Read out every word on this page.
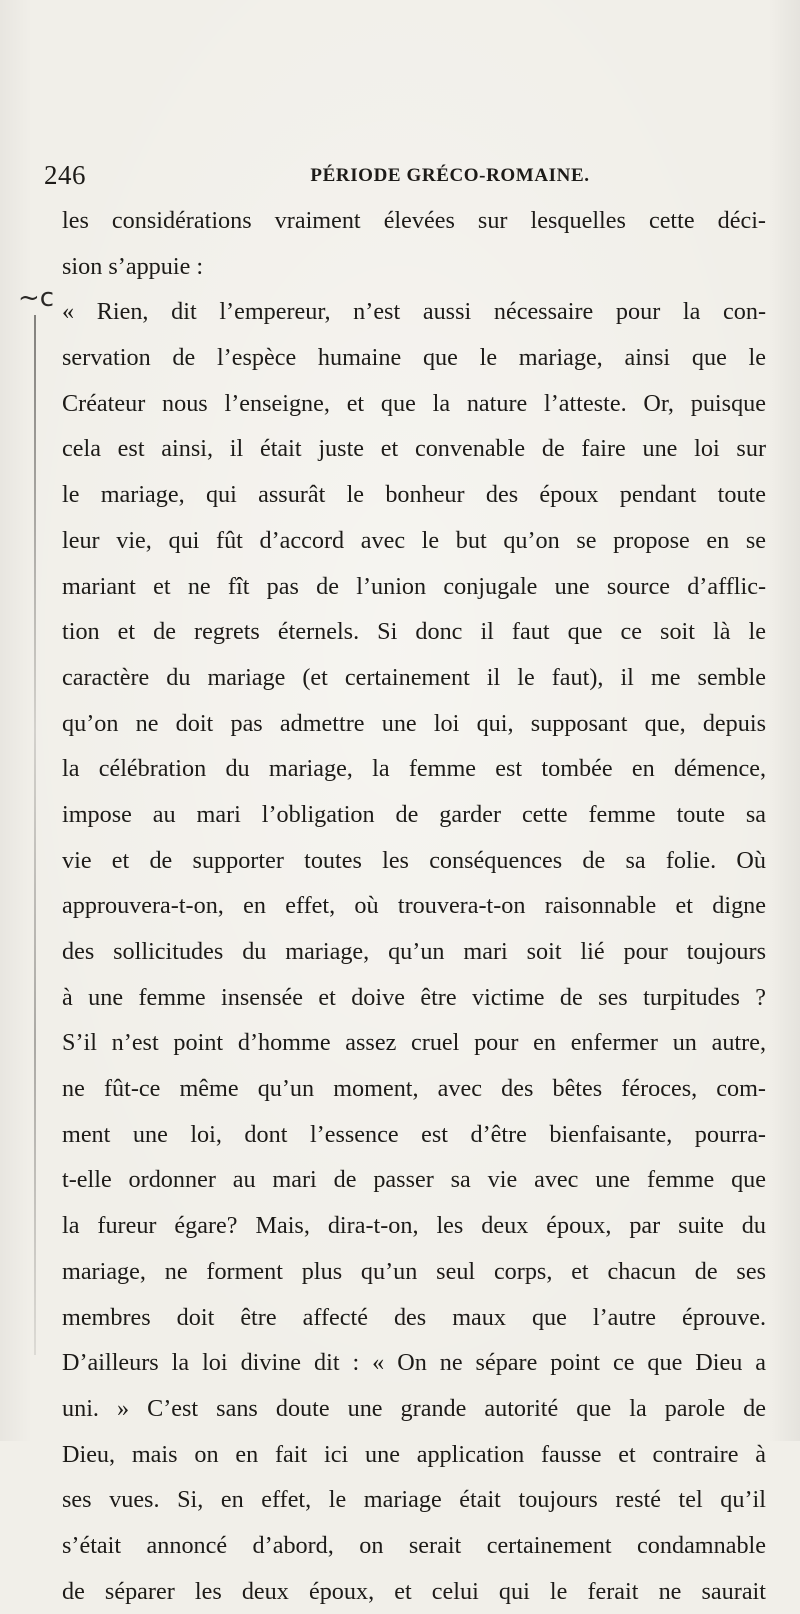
246	PÉRIODE GRÉCO-ROMAINE.
~c
les considérations vraiment élevées sur lesquelles cette déci-
sion s’appuie :
« Rien, dit l’empereur, n’est aussi nécessaire pour la con-
servation de l’espèce humaine que le mariage, ainsi que le
Créateur nous l’enseigne, et que la nature l’atteste. Or, puisque
cela est ainsi, il était juste et convenable de faire une loi sur
le mariage, qui assurât le bonheur des époux pendant toute
leur vie, qui fût d’accord avec le but qu’on se propose en se
mariant et ne fît pas de l’union conjugale une source d’afflic-
tion et de regrets éternels. Si donc il faut que ce soit là le
caractère du mariage (et certainement il le faut), il me semble
qu’on ne doit pas admettre une loi qui, supposant que, depuis
la célébration du mariage, la femme est tombée en démence,
impose au mari l’obligation de garder cette femme toute sa
vie et de supporter toutes les conséquences de sa folie. Où
approuvera-t-on, en effet, où trouvera-t-on raisonnable et digne
des sollicitudes du mariage, qu’un mari soit lié pour toujours
à une femme insensée et doive être victime de ses turpitudes ?
S’il n’est point d’homme assez cruel pour en enfermer un autre,
ne fût-ce même qu’un moment, avec des bêtes féroces, com-
ment une loi, dont l’essence est d’être bienfaisante, pourra-
t-elle ordonner au mari de passer sa vie avec une femme que
la fureur égare? Mais, dira-t-on, les deux époux, par suite du
mariage, ne forment plus qu’un seul corps, et chacun de ses
membres doit être affecté des maux que l’autre éprouve.
D’ailleurs la loi divine dit : « On ne sépare point ce que Dieu a
uni. » C’est sans doute une grande autorité que la parole de
Dieu, mais on en fait ici une application fausse et contraire à
ses vues. Si, en effet, le mariage était toujours resté tel qu’il
s’était annoncé d’abord, on serait certainement condamnable
de séparer les deux époux, et celui qui le ferait ne saurait
